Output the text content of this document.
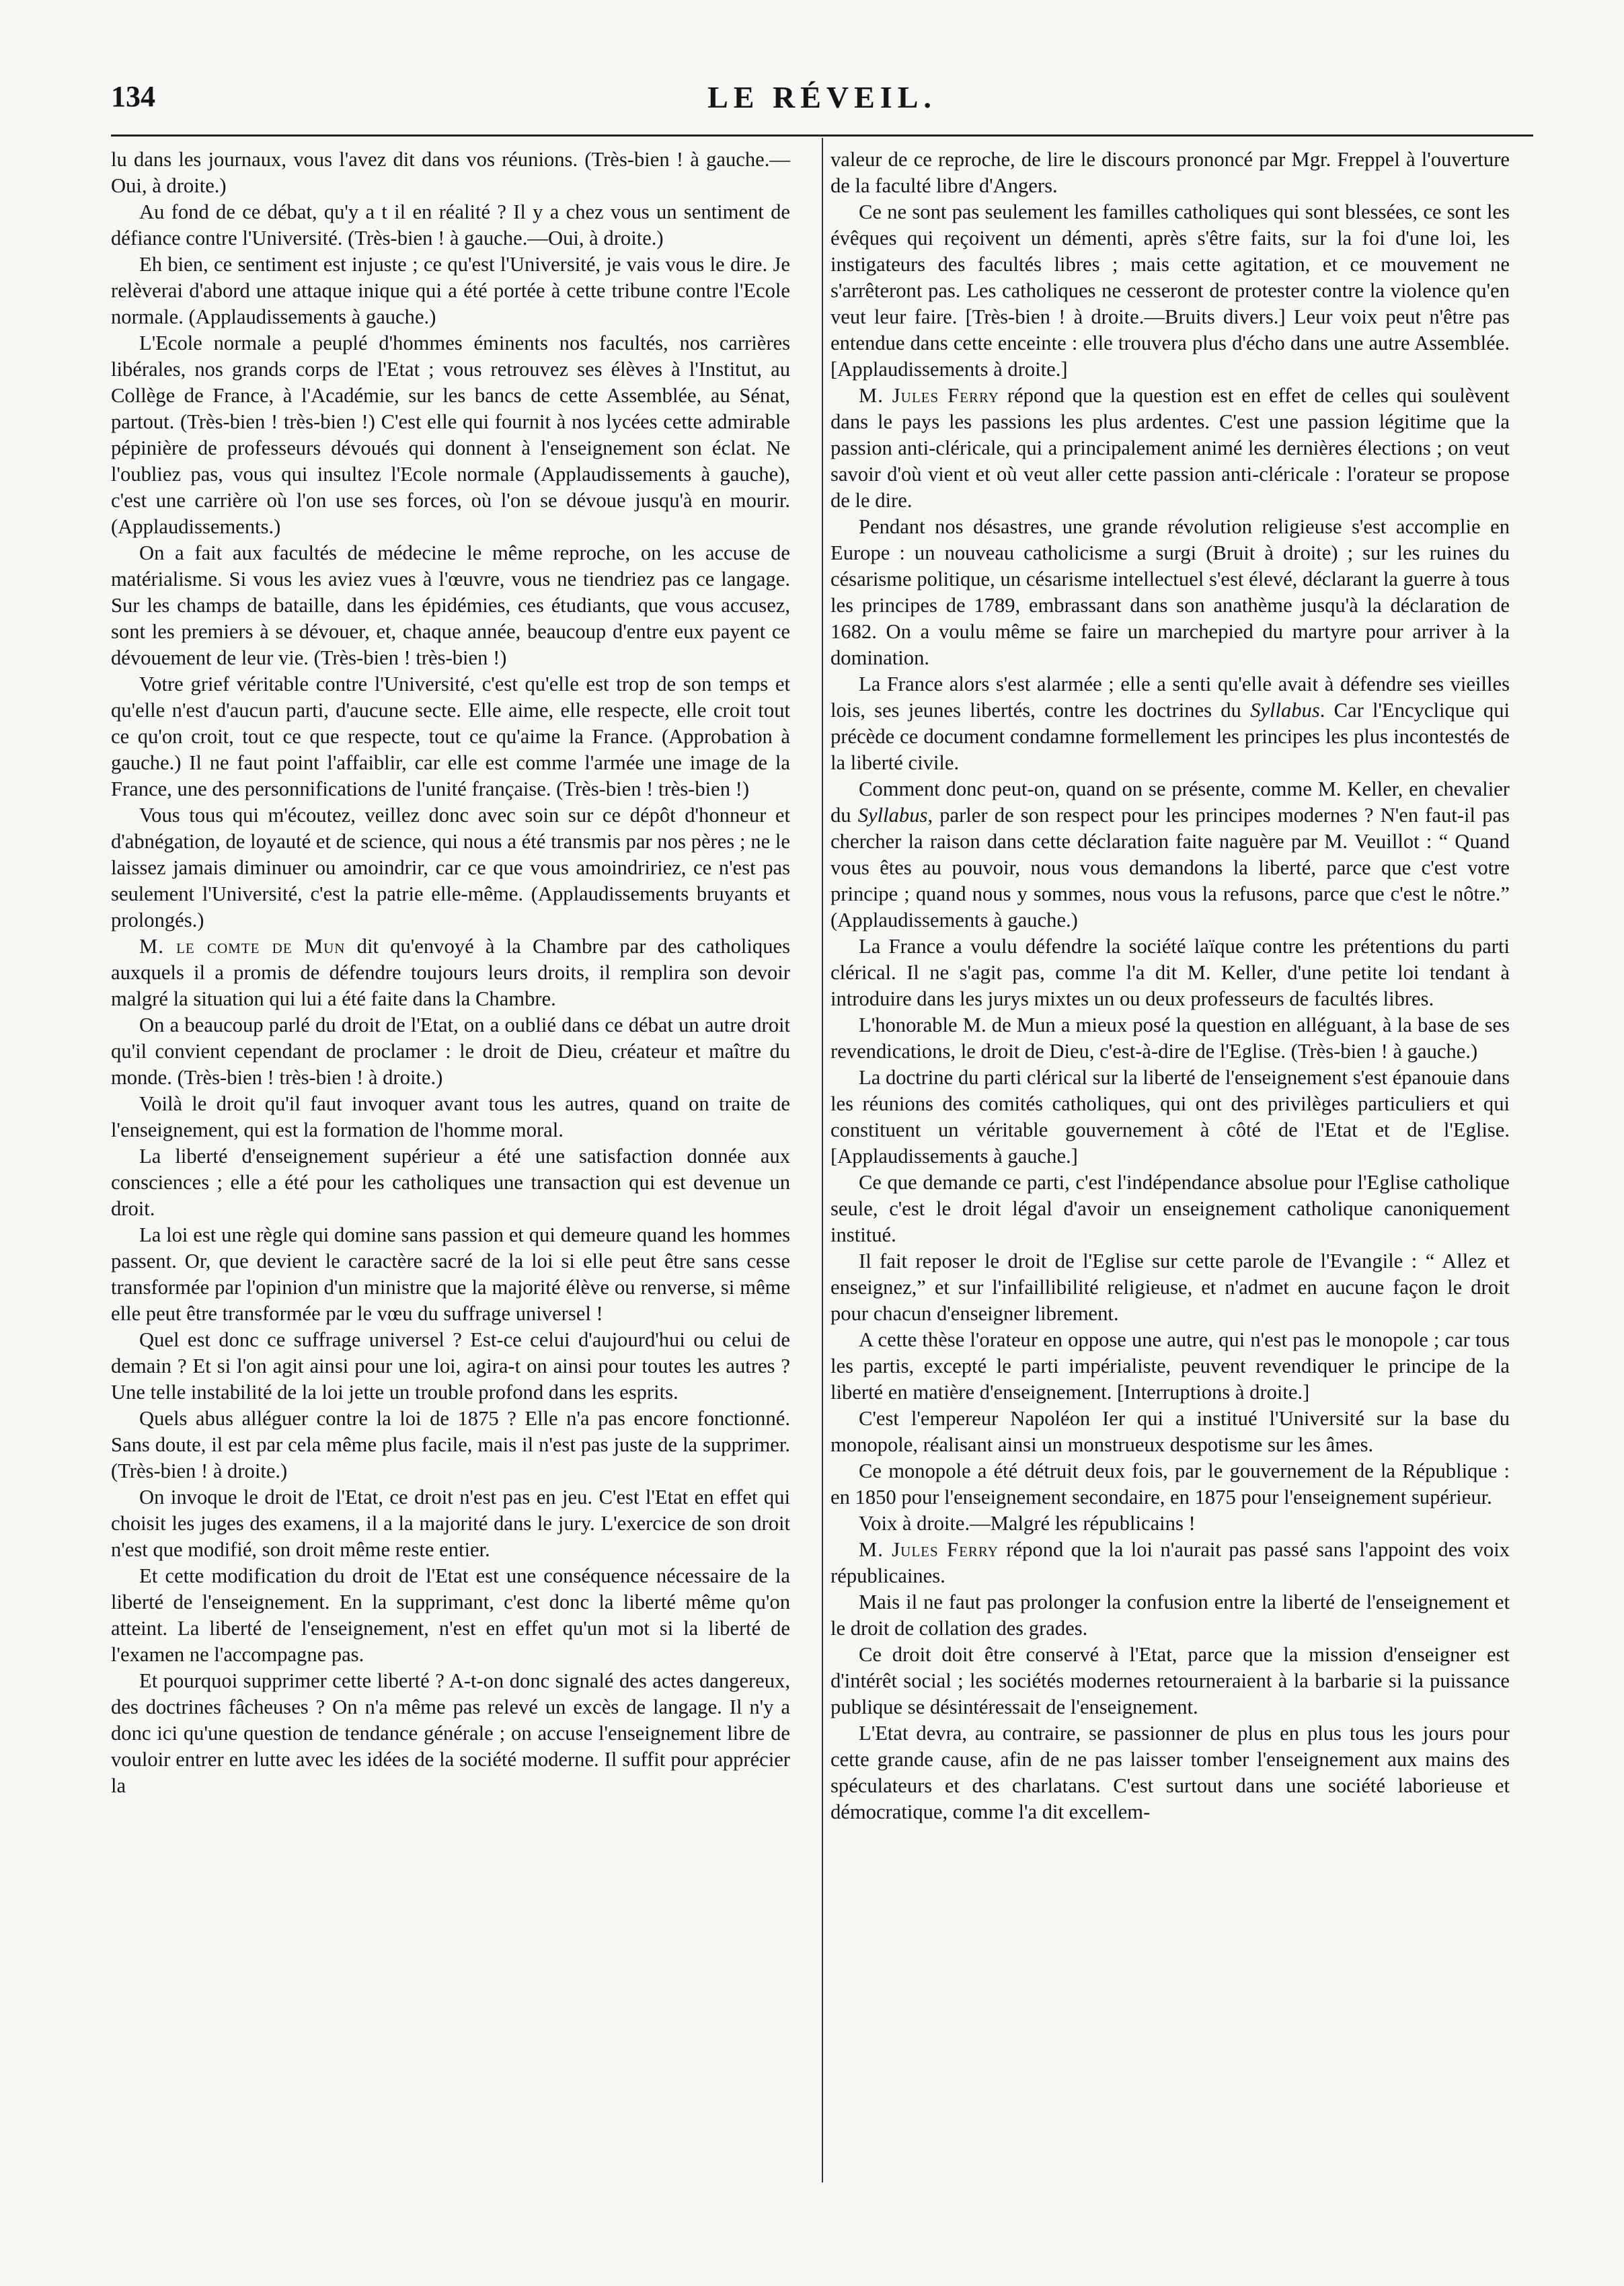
134	LE RÉVEIL.

lu dans les journaux, vous l'avez dit dans vos réunions. (Très-bien ! à gauche.—Oui, à droite.)

Au fond de ce débat, qu'y a t il en réalité ? Il y a chez vous un sentiment de défiance contre l'Université. (Très-bien ! à gauche.—Oui, à droite.)

Eh bien, ce sentiment est injuste ; ce qu'est l'Université, je vais vous le dire. Je relèverai d'abord une attaque inique qui a été portée à cette tribune contre l'Ecole normale. (Applaudissements à gauche.)

L'Ecole normale a peuplé d'hommes éminents nos facultés, nos carrières libérales, nos grands corps de l'Etat ; vous retrouvez ses élèves à l'Institut, au Collège de France, à l'Académie, sur les bancs de cette Assemblée, au Sénat, partout. (Très-bien ! très-bien !) C'est elle qui fournit à nos lycées cette admirable pépinière de professeurs dévoués qui donnent à l'enseignement son éclat. Ne l'oubliez pas, vous qui insultez l'Ecole normale (Applaudissements à gauche), c'est une carrière où l'on use ses forces, où l'on se dévoue jusqu'à en mourir. (Applaudissements.)

On a fait aux facultés de médecine le même reproche, on les accuse de matérialisme. Si vous les aviez vues à l'œuvre, vous ne tiendriez pas ce langage. Sur les champs de bataille, dans les épidémies, ces étudiants, que vous accusez, sont les premiers à se dévouer, et, chaque année, beaucoup d'entre eux payent ce dévouement de leur vie. (Très-bien ! très-bien !)

Votre grief véritable contre l'Université, c'est qu'elle est trop de son temps et qu'elle n'est d'aucun parti, d'aucune secte. Elle aime, elle respecte, elle croit tout ce qu'on croit, tout ce que respecte, tout ce qu'aime la France. (Approbation à gauche.) Il ne faut point l'affaiblir, car elle est comme l'armée une image de la France, une des personnifications de l'unité française. (Très-bien ! très-bien !)

Vous tous qui m'écoutez, veillez donc avec soin sur ce dépôt d'honneur et d'abnégation, de loyauté et de science, qui nous a été transmis par nos pères ; ne le laissez jamais diminuer ou amoindrir, car ce que vous amoindririez, ce n'est pas seulement l'Université, c'est la patrie elle-même. (Applaudissements bruyants et prolongés.)

M. le comte de Mun dit qu'envoyé à la Chambre par des catholiques auxquels il a promis de défendre toujours leurs droits, il remplira son devoir malgré la situation qui lui a été faite dans la Chambre.

On a beaucoup parlé du droit de l'Etat, on a oublié dans ce débat un autre droit qu'il convient cependant de proclamer : le droit de Dieu, créateur et maître du monde. (Très-bien ! très-bien ! à droite.)

Voilà le droit qu'il faut invoquer avant tous les autres, quand on traite de l'enseignement, qui est la formation de l'homme moral.

La liberté d'enseignement supérieur a été une satisfaction donnée aux consciences ; elle a été pour les catholiques une transaction qui est devenue un droit.

La loi est une règle qui domine sans passion et qui demeure quand les hommes passent. Or, que devient le caractère sacré de la loi si elle peut être sans cesse transformée par l'opinion d'un ministre que la majorité élève ou renverse, si même elle peut être transformée par le vœu du suffrage universel !

Quel est donc ce suffrage universel ? Est-ce celui d'aujourd'hui ou celui de demain ? Et si l'on agit ainsi pour une loi, agira-t on ainsi pour toutes les autres ? Une telle instabilité de la loi jette un trouble profond dans les esprits.

Quels abus alléguer contre la loi de 1875 ? Elle n'a pas encore fonctionné. Sans doute, il est par cela même plus facile, mais il n'est pas juste de la supprimer. (Très-bien ! à droite.)

On invoque le droit de l'Etat, ce droit n'est pas en jeu. C'est l'Etat en effet qui choisit les juges des examens, il a la majorité dans le jury. L'exercice de son droit n'est que modifié, son droit même reste entier.

Et cette modification du droit de l'Etat est une conséquence nécessaire de la liberté de l'enseignement. En la supprimant, c'est donc la liberté même qu'on atteint. La liberté de l'enseignement, n'est en effet qu'un mot si la liberté de l'examen ne l'accompagne pas.

Et pourquoi supprimer cette liberté ? A-t-on donc signalé des actes dangereux, des doctrines fâcheuses ? On n'a même pas relevé un excès de langage. Il n'y a donc ici qu'une question de tendance générale ; on accuse l'enseignement libre de vouloir entrer en lutte avec les idées de la société moderne. Il suffit pour apprécier la

valeur de ce reproche, de lire le discours prononcé par Mgr. Freppel à l'ouverture de la faculté libre d'Angers.

Ce ne sont pas seulement les familles catholiques qui sont blessées, ce sont les évêques qui reçoivent un démenti, après s'être faits, sur la foi d'une loi, les instigateurs des facultés libres ; mais cette agitation, et ce mouvement ne s'arrêteront pas. Les catholiques ne cesseront de protester contre la violence qu'en veut leur faire. [Très-bien ! à droite.—Bruits divers.] Leur voix peut n'être pas entendue dans cette enceinte : elle trouvera plus d'écho dans une autre Assemblée. [Applaudissements à droite.]

M. Jules Ferry répond que la question est en effet de celles qui soulèvent dans le pays les passions les plus ardentes. C'est une passion légitime que la passion anti-cléricale, qui a principalement animé les dernières élections ; on veut savoir d'où vient et où veut aller cette passion anti-cléricale : l'orateur se propose de le dire.

Pendant nos désastres, une grande révolution religieuse s'est accomplie en Europe : un nouveau catholicisme a surgi (Bruit à droite) ; sur les ruines du césarisme politique, un césarisme intellectuel s'est élevé, déclarant la guerre à tous les principes de 1789, embrassant dans son anathème jusqu'à la déclaration de 1682. On a voulu même se faire un marchepied du martyre pour arriver à la domination.

La France alors s'est alarmée ; elle a senti qu'elle avait à défendre ses vieilles lois, ses jeunes libertés, contre les doctrines du Syllabus. Car l'Encyclique qui précède ce document condamne formellement les principes les plus incontestés de la liberté civile.

Comment donc peut-on, quand on se présente, comme M. Keller, en chevalier du Syllabus, parler de son respect pour les principes modernes ? N'en faut-il pas chercher la raison dans cette déclaration faite naguère par M. Veuillot : “ Quand vous êtes au pouvoir, nous vous demandons la liberté, parce que c'est votre principe ; quand nous y sommes, nous vous la refusons, parce que c'est le nôtre.” (Applaudissements à gauche.)

La France a voulu défendre la société laïque contre les prétentions du parti clérical. Il ne s'agit pas, comme l'a dit M. Keller, d'une petite loi tendant à introduire dans les jurys mixtes un ou deux professeurs de facultés libres.

L'honorable M. de Mun a mieux posé la question en alléguant, à la base de ses revendications, le droit de Dieu, c'est-à-dire de l'Eglise. (Très-bien ! à gauche.)

La doctrine du parti clérical sur la liberté de l'enseignement s'est épanouie dans les réunions des comités catholiques, qui ont des privilèges particuliers et qui constituent un véritable gouvernement à côté de l'Etat et de l'Eglise. [Applaudissements à gauche.]

Ce que demande ce parti, c'est l'indépendance absolue pour l'Eglise catholique seule, c'est le droit légal d'avoir un enseignement catholique canoniquement institué.

Il fait reposer le droit de l'Eglise sur cette parole de l'Evangile : “ Allez et enseignez,” et sur l'infaillibilité religieuse, et n'admet en aucune façon le droit pour chacun d'enseigner librement.

A cette thèse l'orateur en oppose une autre, qui n'est pas le monopole ; car tous les partis, excepté le parti impérialiste, peuvent revendiquer le principe de la liberté en matière d'enseignement. [Interruptions à droite.]

C'est l'empereur Napoléon Ier qui a institué l'Université sur la base du monopole, réalisant ainsi un monstrueux despotisme sur les âmes.

Ce monopole a été détruit deux fois, par le gouvernement de la République : en 1850 pour l'enseignement secondaire, en 1875 pour l'enseignement supérieur.

Voix à droite.—Malgré les républicains !

M. Jules Ferry répond que la loi n'aurait pas passé sans l'appoint des voix républicaines.

Mais il ne faut pas prolonger la confusion entre la liberté de l'enseignement et le droit de collation des grades.

Ce droit doit être conservé à l'Etat, parce que la mission d'enseigner est d'intérêt social ; les sociétés modernes retourneraient à la barbarie si la puissance publique se désintéressait de l'enseignement.

L'Etat devra, au contraire, se passionner de plus en plus tous les jours pour cette grande cause, afin de ne pas laisser tomber l'enseignement aux mains des spéculateurs et des charlatans. C'est surtout dans une société laborieuse et démocratique, comme l'a dit excellem-
